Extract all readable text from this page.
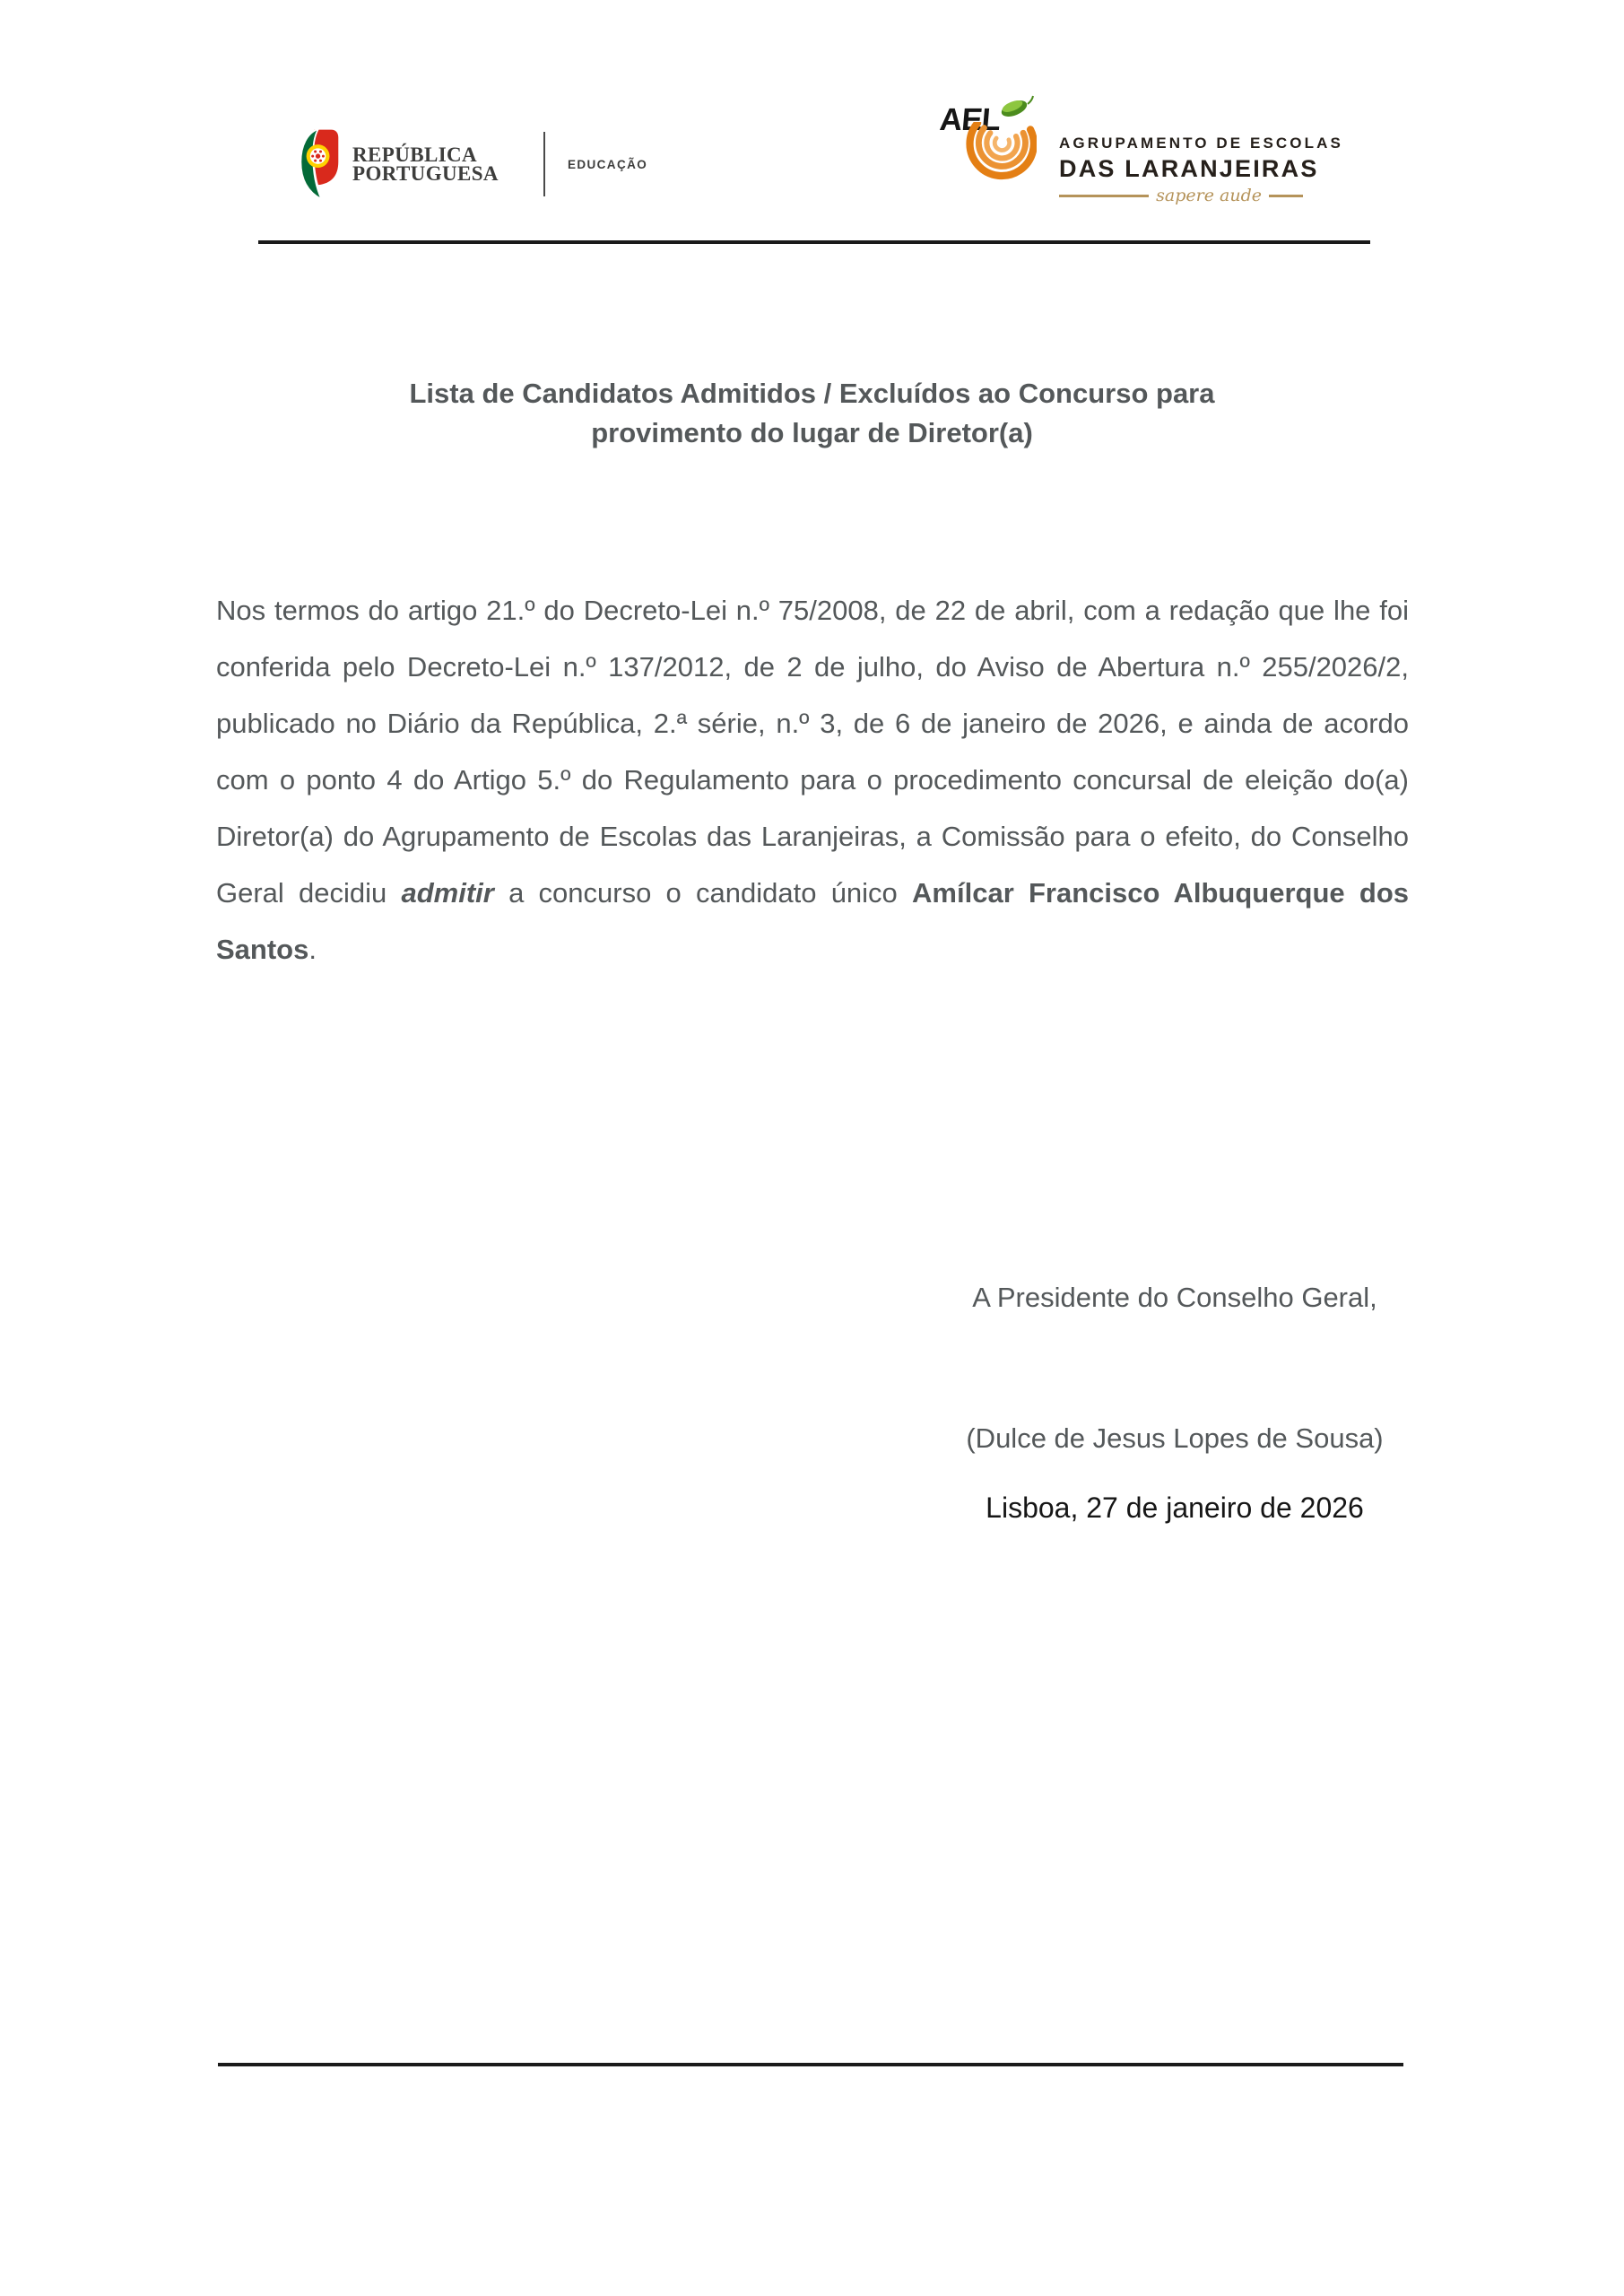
REPÚBLICA
PORTUGUESA	EDUCAÇÃO
AEL
AGRUPAMENTO DE ESCOLAS
DAS LARANJEIRAS
sapere aude
Lista de Candidatos Admitidos / Excluídos ao Concurso para
provimento do lugar de Diretor(a)

Nos termos do artigo 21.º do Decreto-Lei n.º 75/2008, de 22 de abril, com a redação que lhe foi conferida pelo Decreto-Lei n.º 137/2012, de 2 de julho, do Aviso de Abertura n.º 255/2026/2, publicado no Diário da República, 2.ª série, n.º 3, de 6 de janeiro de 2026, e ainda de acordo com o ponto 4 do Artigo 5.º do Regulamento para o procedimento concursal de eleição do(a) Diretor(a) do Agrupamento de Escolas das Laranjeiras, a Comissão para o efeito, do Conselho Geral decidiu admitir a concurso o candidato único Amílcar Francisco Albuquerque dos Santos.

A Presidente do Conselho Geral,
(Dulce de Jesus Lopes de Sousa)
Lisboa, 27 de janeiro de 2026
